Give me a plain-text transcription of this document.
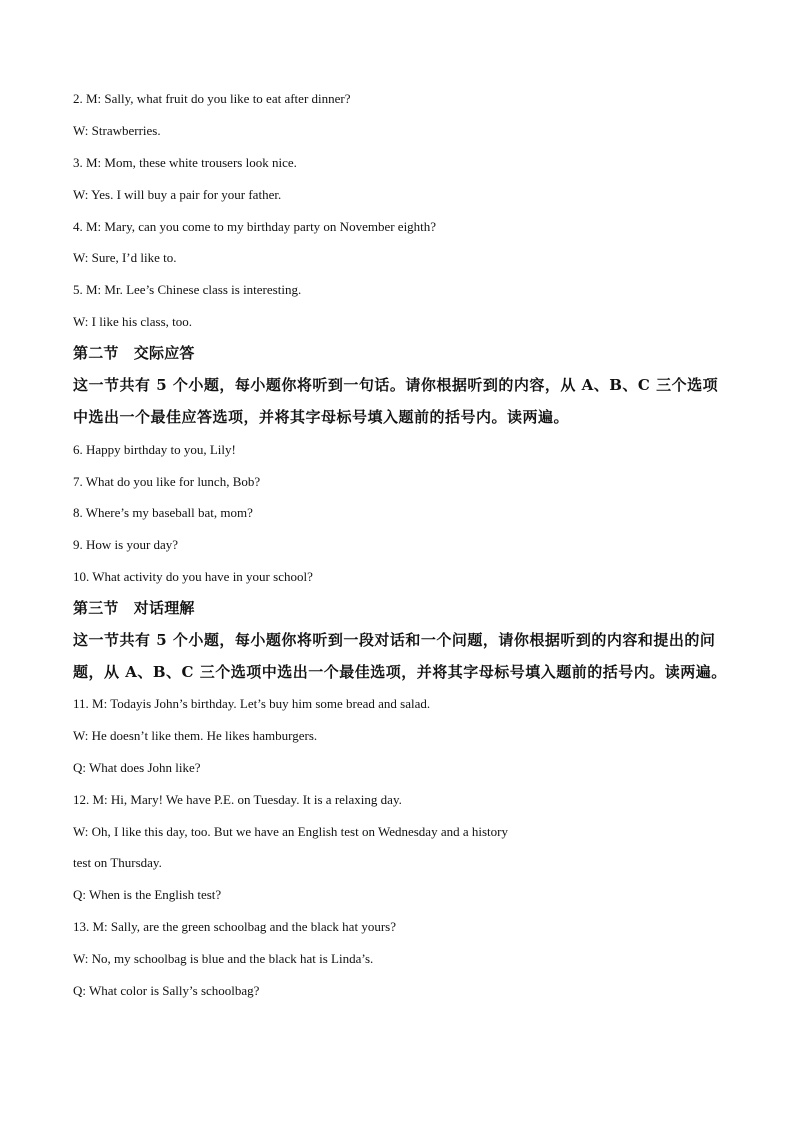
2. M: Sally, what fruit do you like to eat after dinner?
W: Strawberries.
3. M: Mom, these white trousers look nice.
W: Yes. I will buy a pair for your father.
4. M: Mary, can you come to my birthday party on November eighth?
W: Sure, I’d like to.
5. M: Mr. Lee’s Chinese class is interesting.
W: I like his class, too.
第二节　交际应答
这一节共有 5 个小题，每小题你将听到一句话。请你根据听到的内容，从 A、B、C 三个选项
中选出一个最佳应答选项，并将其字母标号填入题前的括号内。读两遍。
6. Happy birthday to you, Lily!
7. What do you like for lunch, Bob?
8. Where’s my baseball bat, mom?
9. How is your day?
10. What activity do you have in your school?
第三节　对话理解
这一节共有 5 个小题，每小题你将听到一段对话和一个问题，请你根据听到的内容和提出的问
题，从 A、B、C 三个选项中选出一个最佳选项，并将其字母标号填入题前的括号内。读两遍。
11. M: Todayis John’s birthday. Let’s buy him some bread and salad.
W: He doesn’t like them. He likes hamburgers.
Q: What does John like?
12. M: Hi, Mary! We have P.E. on Tuesday. It is a relaxing day.
W: Oh, I like this day, too. But we have an English test on Wednesday and a history
test on Thursday.
Q: When is the English test?
13. M: Sally, are the green schoolbag and the black hat yours?
W: No, my schoolbag is blue and the black hat is Linda’s.
Q: What color is Sally’s schoolbag?
